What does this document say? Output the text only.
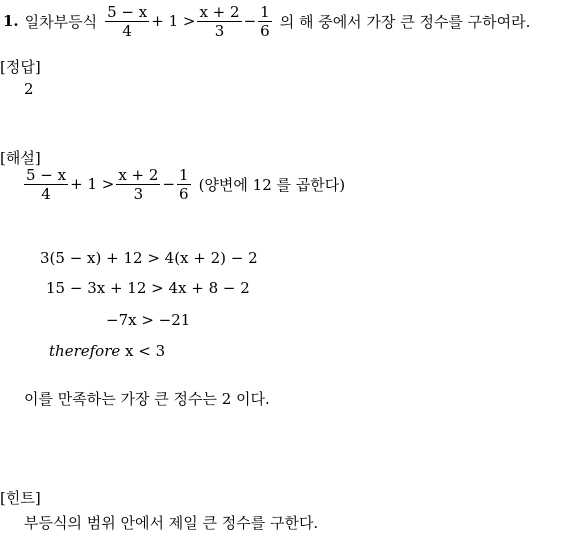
1. 일차부등식 $\frac{5 - x}{4} + 1 > \frac{x + 2}{3} - \frac{1}{6}$ 의 해 중에서 가장 큰 정수를 구하여라.
[정답]
2
[해설]
$\frac{5 - x}{4} + 1 > \frac{x + 2}{3} - \frac{1}{6}$ (양변에 12 를 곱한다)
3(5 − x) + 12 > 4(x + 2) − 2
15 − 3x + 12 > 4x + 8 − 2
−7x > −21
therefore x < 3
이를 만족하는 가장 큰 정수는 2 이다.
[힌트]
부등식의 범위 안에서 제일 큰 정수를 구한다.
